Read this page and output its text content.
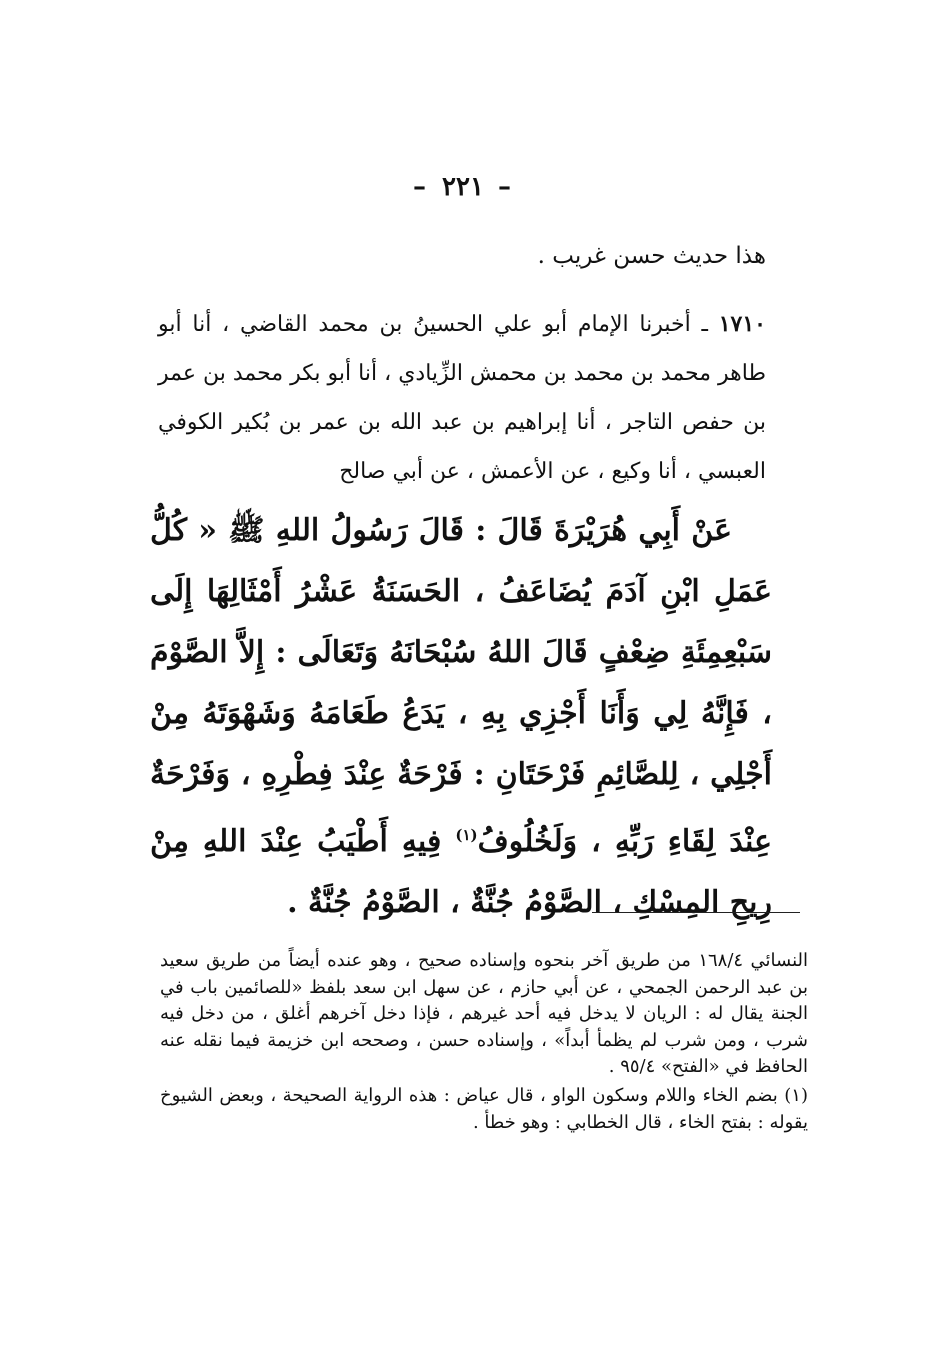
– ٢٢١ –
هذا حديث حسن غريب .
١٧١٠ ـ أخبرنا الإمام أبو علي الحسينُ بن محمد القاضي ، أنا أبو طاهر محمد بن محمد بن محمش الزِّيادي ، أنا أبو بكر محمد بن عمر بن حفص التاجر ، أنا إبراهيم بن عبد الله بن عمر بن بُكير الكوفي العبسي ، أنا وكيع ، عن الأعمش ، عن أبي صالح
عَنْ أَبِي هُرَيْرَةَ قَالَ : قَالَ رَسُولُ اللهِ ﷺ « كُلُّ عَمَلِ ابْنِ آدَمَ يُضَاعَفُ ، الحَسَنَةُ عَشْرُ أَمْثَالِهَا إِلَى سَبْعِمِئَةِ ضِعْفٍ قَالَ اللهُ سُبْحَانَهُ وَتَعَالَى : إِلاَّ الصَّوْمَ ، فَإِنَّهُ لِي وَأَنَا أَجْزِي بِهِ ، يَدَعُ طَعَامَهُ وَشَهْوَتَهُ مِنْ أَجْلِي ، لِلصَّائِمِ فَرْحَتَانِ : فَرْحَةٌ عِنْدَ فِطْرِهِ ، وَفَرْحَةٌ عِنْدَ لِقَاءِ رَبِّهِ ، وَلَخُلُوفُ$^{(١)}$ فِيهِ أَطْيَبُ عِنْدَ اللهِ مِنْ رِيحِ المِسْكِ ، الصَّوْمُ جُنَّةٌ ، الصَّوْمُ جُنَّةٌ .

النسائي ١٦٨/٤ من طريق آخر بنحوه وإسناده صحيح ، وهو عنده أيضاً من طريق سعيد بن عبد الرحمن الجمحي ، عن أبي حازم ، عن سهل ابن سعد بلفظ «للصائمين باب في الجنة يقال له : الريان لا يدخل فيه أحد غيرهم ، فإذا دخل آخرهم أغلق ، من دخل فيه شرب ، ومن شرب لم يظمأ أبداً» ، وإسناده حسن ، وصححه ابن خزيمة فيما نقله عنه الحافظ في «الفتح» ٩٥/٤ .

(١) بضم الخاء واللام وسكون الواو ، قال عياض : هذه الرواية الصحيحة ، وبعض الشيوخ يقوله : بفتح الخاء ، قال الخطابي : وهو خطأ .
